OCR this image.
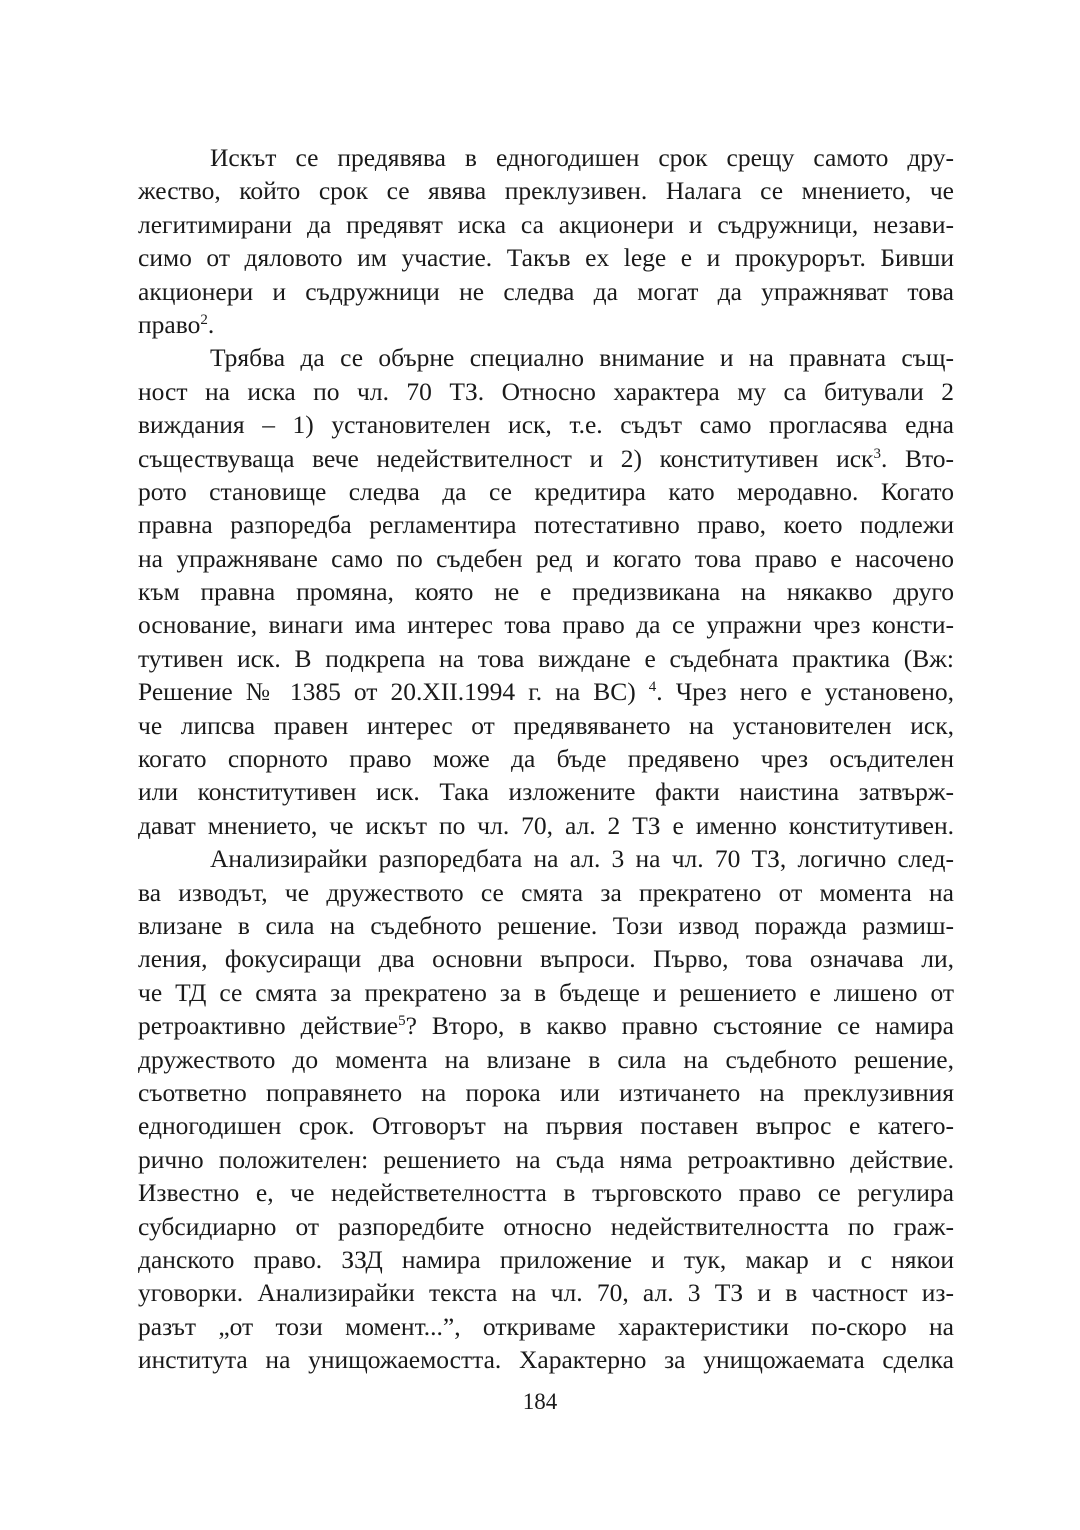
Искът се предявява в едногодишен срок срещу самото дру-
жество, който срок се явява преклузивен. Налага се мнението, че
легитимирани да предявят иска са акционери и съдружници, незави-
симо от дяловото им участие. Такъв ex lege е и прокурорът. Бивши
акционери и съдружници не следва да могат да упражняват това
право$^2$.
Трябва да се обърне специално внимание и на правната същ-
ност на иска по чл. 70 ТЗ. Относно характера му са битували 2
виждания – 1) установителен иск, т.е. съдът само прогласява една
съществуваща вече недействителност и 2) конститутивен иск$^3$. Вто-
рото становище следва да се кредитира като меродавно. Когато
правна разпоредба регламентира потестативно право, което подлежи
на упражняване само по съдебен ред и когато това право е насочено
към правна промяна, която не е предизвикана на някакво друго
основание, винаги има интерес това право да се упражни чрез консти-
тутивен иск. В подкрепа на това виждане е съдебната практика (Вж:
Решение № 1385 от 20.XII.1994 г. на ВС) $^4$. Чрез него е установено,
че липсва правен интерес от предявяването на установителен иск,
когато спорното право може да бъде предявено чрез осъдителен
или конститутивен иск. Така изложените факти наистина затвърж-
дават мнението, че искът по чл. 70, ал. 2 ТЗ е именно конститутивен.
Анализирайки разпоредбата на ал. 3 на чл. 70 ТЗ, логично след-
ва изводът, че дружеството се смята за прекратено от момента на
влизане в сила на съдебното решение. Този извод поражда размиш-
ления, фокусиращи два основни въпроси. Първо, това означава ли,
че ТД се смята за прекратено за в бъдеще и решението е лишено от
ретроактивно действие$^5$? Второ, в какво правно състояние се намира
дружеството до момента на влизане в сила на съдебното решение,
съответно поправянето на порока или изтичането на преклузивния
едногодишен срок. Отговорът на първия поставен въпрос е катего-
рично положителен: решението на съда няма ретроактивно действие.
Известно е, че недействетелността в търговското право се регулира
субсидиарно от разпоредбите относно недействителността по граж-
данското право. ЗЗД намира приложение и тук, макар и с някои
уговорки. Анализирайки текста на чл. 70, ал. 3 ТЗ и в частност из-
разът „от този момент...”, откриваме характеристики по-скоро на
института на унищожаемостта. Характерно за унищожаемата сделка
184
